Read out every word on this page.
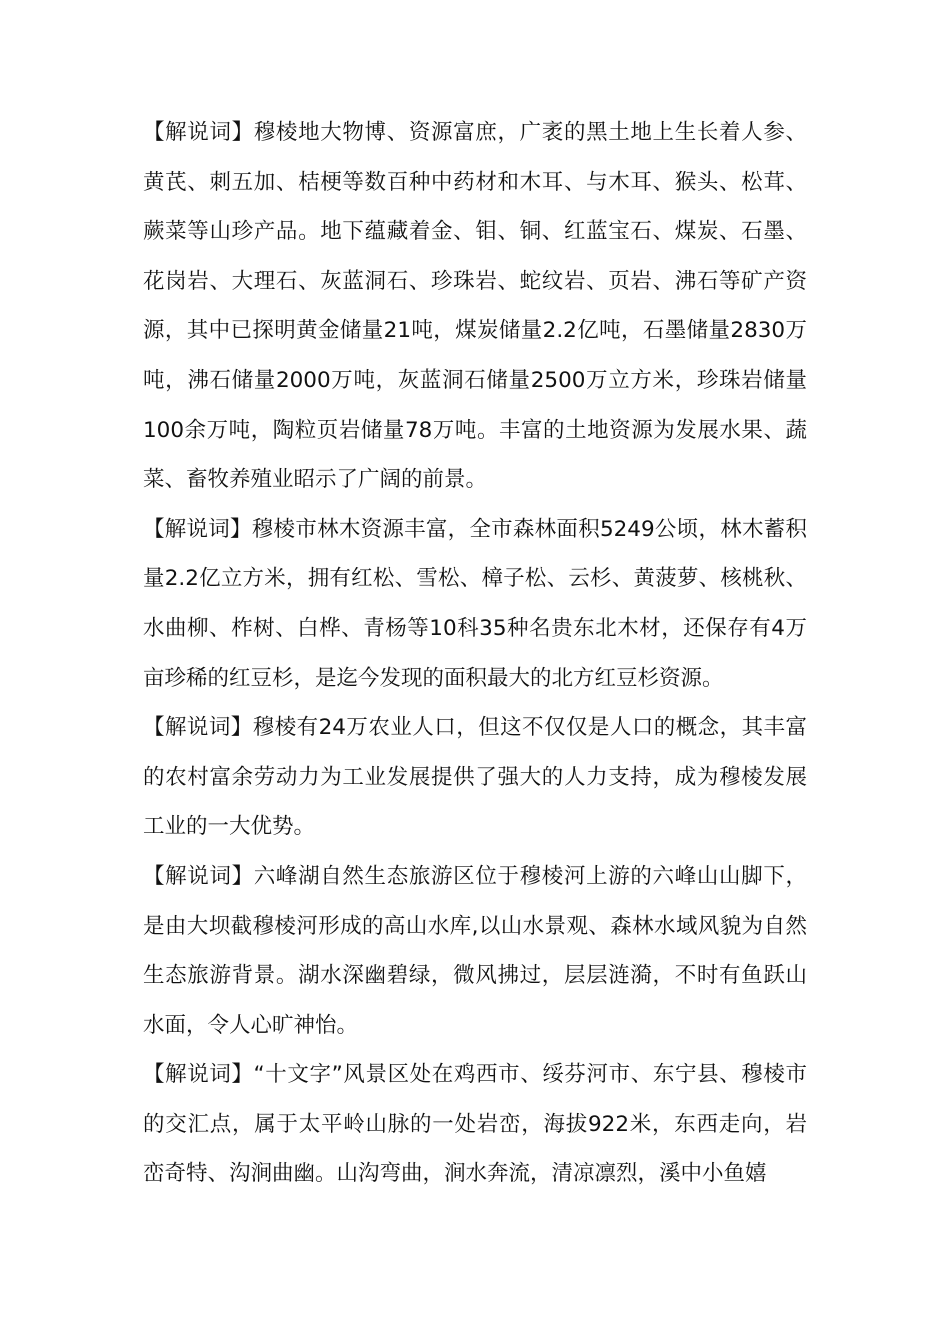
【解说词】穆棱地大物博、资源富庶，广袤的黑土地上生长着人参、黄芪、刺五加、桔梗等数百种中药材和木耳、与木耳、猴头、松茸、蕨菜等山珍产品。地下蕴藏着金、钼、铜、红蓝宝石、煤炭、石墨、花岗岩、大理石、灰蓝洞石、珍珠岩、蛇纹岩、页岩、沸石等矿产资源，其中已探明黄金储量21吨，煤炭储量2.2亿吨，石墨储量2830万吨，沸石储量2000万吨，灰蓝洞石储量2500万立方米，珍珠岩储量100余万吨，陶粒页岩储量78万吨。丰富的土地资源为发展水果、蔬菜、畜牧养殖业昭示了广阔的前景。

【解说词】穆棱市林木资源丰富，全市森林面积5249公顷，林木蓄积量2.2亿立方米，拥有红松、雪松、樟子松、云杉、黄菠萝、核桃秋、水曲柳、柞树、白桦、青杨等10科35种名贵东北木材，还保存有4万亩珍稀的红豆杉，是迄今发现的面积最大的北方红豆杉资源。

【解说词】穆棱有24万农业人口，但这不仅仅是人口的概念，其丰富的农村富余劳动力为工业发展提供了强大的人力支持，成为穆棱发展工业的一大优势。

【解说词】六峰湖自然生态旅游区位于穆棱河上游的六峰山山脚下，是由大坝截穆棱河形成的高山水库,以山水景观、森林水域风貌为自然生态旅游背景。湖水深幽碧绿，微风拂过，层层涟漪，不时有鱼跃山水面，令人心旷神怡。

【解说词】“十文字”风景区处在鸡西市、绥芬河市、东宁县、穆棱市的交汇点，属于太平岭山脉的一处岩峦，海拔922米，东西走向，岩峦奇特、沟涧曲幽。山沟弯曲，涧水奔流，清凉凛烈，溪中小鱼嬉
